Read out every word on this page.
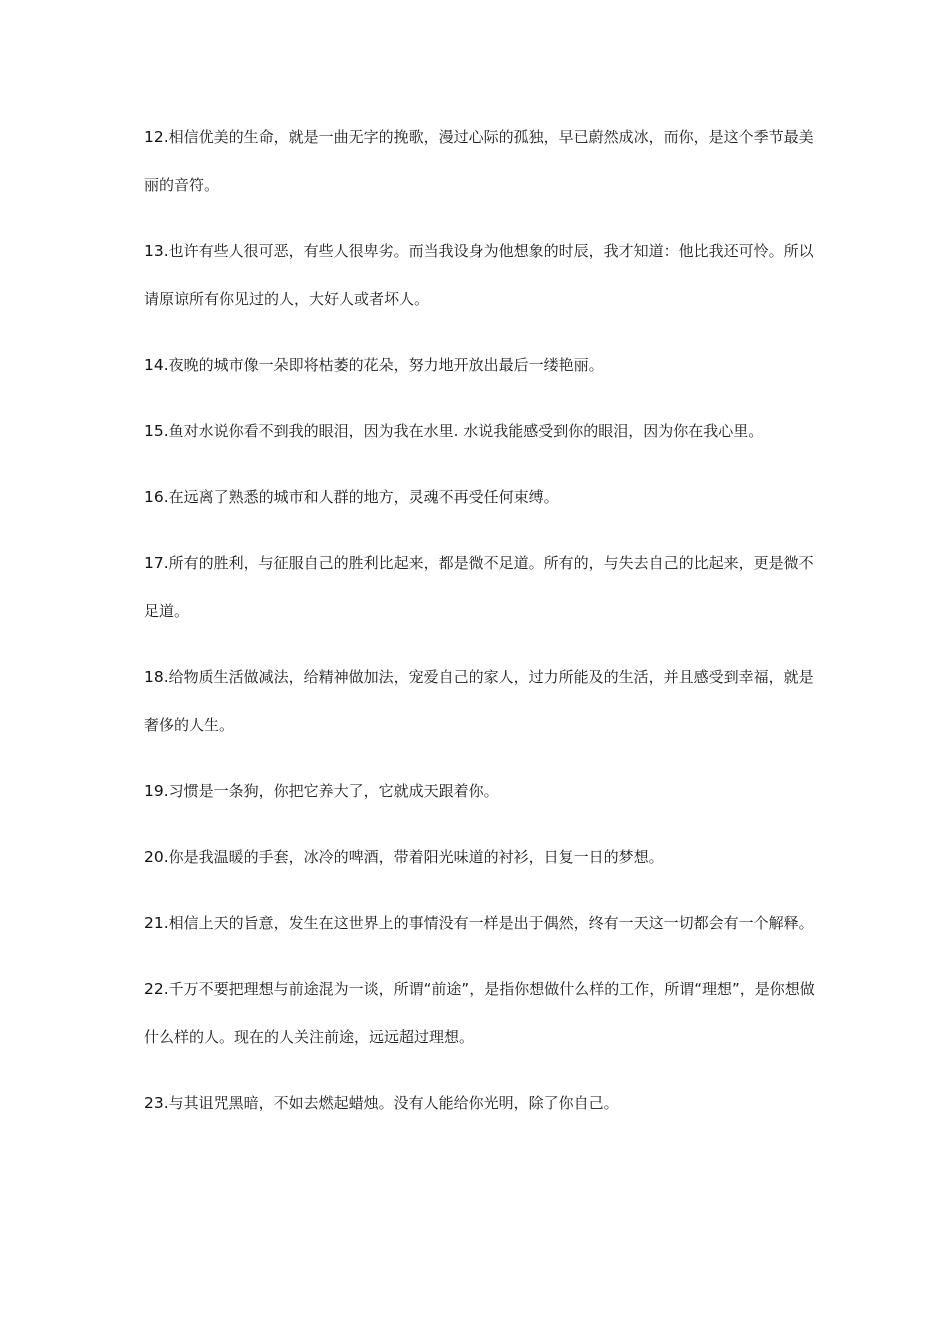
12.相信优美的生命，就是一曲无字的挽歌，漫过心际的孤独，早已蔚然成冰，而你，是这个季节最美丽的音符。

13.也许有些人很可恶，有些人很卑劣。而当我设身为他想象的时辰，我才知道：他比我还可怜。所以请原谅所有你见过的人，大好人或者坏人。

14.夜晚的城市像一朵即将枯萎的花朵，努力地开放出最后一缕艳丽。

15.鱼对水说你看不到我的眼泪，因为我在水里. 水说我能感受到你的眼泪，因为你在我心里。

16.在远离了熟悉的城市和人群的地方，灵魂不再受任何束缚。

17.所有的胜利，与征服自己的胜利比起来，都是微不足道。所有的，与失去自己的比起来，更是微不足道。

18.给物质生活做减法，给精神做加法，宠爱自己的家人，过力所能及的生活，并且感受到幸福，就是奢侈的人生。

19.习惯是一条狗，你把它养大了，它就成天跟着你。

20.你是我温暖的手套，冰冷的啤酒，带着阳光味道的衬衫，日复一日的梦想。

21.相信上天的旨意，发生在这世界上的事情没有一样是出于偶然，终有一天这一切都会有一个解释。

22.千万不要把理想与前途混为一谈，所谓“前途”，是指你想做什么样的工作，所谓“理想”，是你想做什么样的人。现在的人关注前途，远远超过理想。

23.与其诅咒黑暗，不如去燃起蜡烛。没有人能给你光明，除了你自己。
